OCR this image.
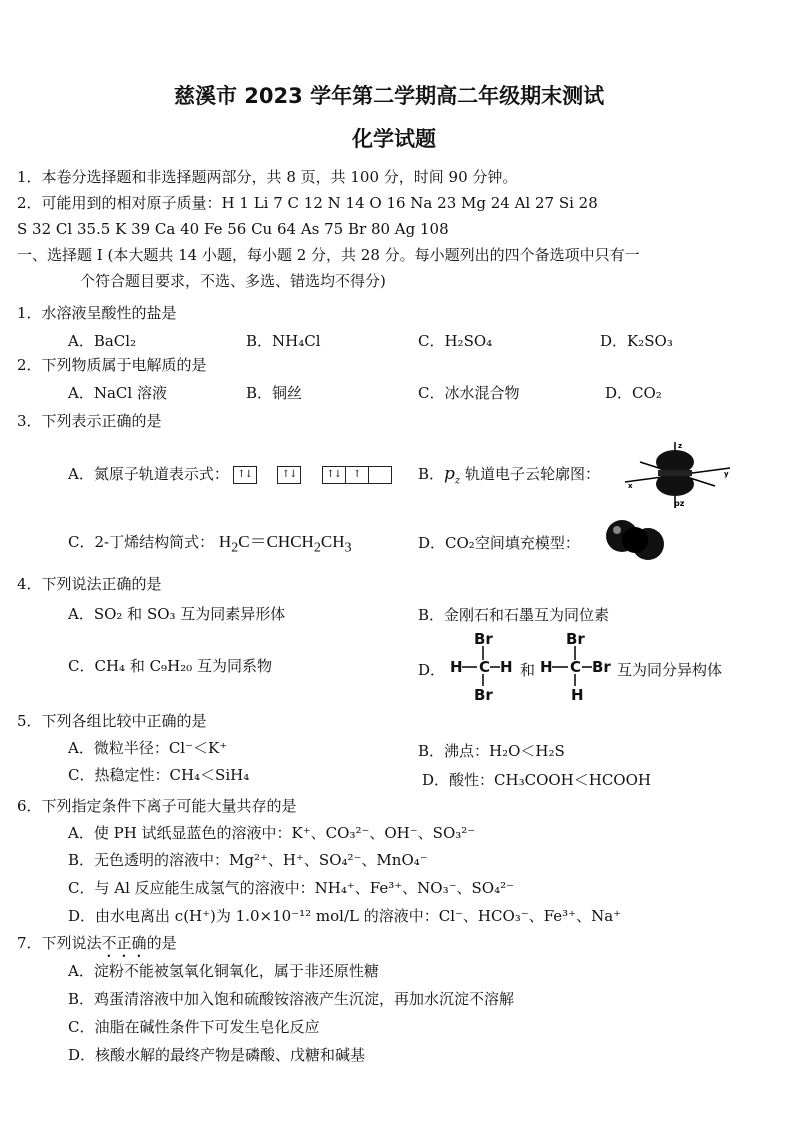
慈溪市 2023 学年第二学期高二年级期末测试
化学试题
1．本卷分选择题和非选择题两部分，共 8 页，共 100 分，时间 90 分钟。
2．可能用到的相对原子质量：H 1 Li 7 C 12 N 14 O 16 Na 23 Mg 24 Al 27 Si 28
S 32 Cl 35.5 K 39 Ca 40 Fe 56 Cu 64 As 75 Br 80 Ag 108
一、选择题 I (本大题共 14 小题，每小题 2 分，共 28 分。每小题列出的四个备选项中只有一
个符合题目要求，不选、多选、错选均不得分)
1．水溶液呈酸性的盐是
A．BaCl₂	B．NH₄Cl	C．H₂SO₄	D．K₂SO₃
2．下列物质属于电解质的是
A．NaCl 溶液	B．铜丝	C．冰水混合物	D．CO₂
3．下列表示正确的是
A．氮原子轨道表示式： ↑↓	↑↓	↑↓ ↑	B．$p_z$ 轨道电子云轮廓图：
z
x
y
pz
C．2-丁烯结构简式： $H_2C=CHCH_2CH_3$	D．CO₂空间填充模型：
4．下列说法正确的是
A．SO₂ 和 SO₃ 互为同素异形体	B．金刚石和石墨互为同位素
C．CH₄ 和 C₉H₂₀ 互为同系物	D．
Br
H C H
Br
和
Br
H C Br
H
互为同分异构体
5．下列各组比较中正确的是
A．微粒半径：Cl⁻＜K⁺	B．沸点：H₂O＜H₂S
C．热稳定性：CH₄＜SiH₄	D．酸性：CH₃COOH＜HCOOH
6．下列指定条件下离子可能大量共存的是
A．使 PH 试纸显蓝色的溶液中：K⁺、CO₃²⁻、OH⁻、SO₃²⁻
B．无色透明的溶液中：Mg²⁺、H⁺、SO₄²⁻、MnO₄⁻
C．与 Al 反应能生成氢气的溶液中：NH₄⁺、Fe³⁺、NO₃⁻、SO₄²⁻
D．由水电离出 c(H⁺)为 1.0×10⁻¹² mol/L 的溶液中：Cl⁻、HCO₃⁻、Fe³⁺、Na⁺
7．下列说法不正确的是
A．淀粉不能被氢氧化铜氧化，属于非还原性糖
B．鸡蛋清溶液中加入饱和硫酸铵溶液产生沉淀，再加水沉淀不溶解
C．油脂在碱性条件下可发生皂化反应
D．核酸水解的最终产物是磷酸、戊糖和碱基
